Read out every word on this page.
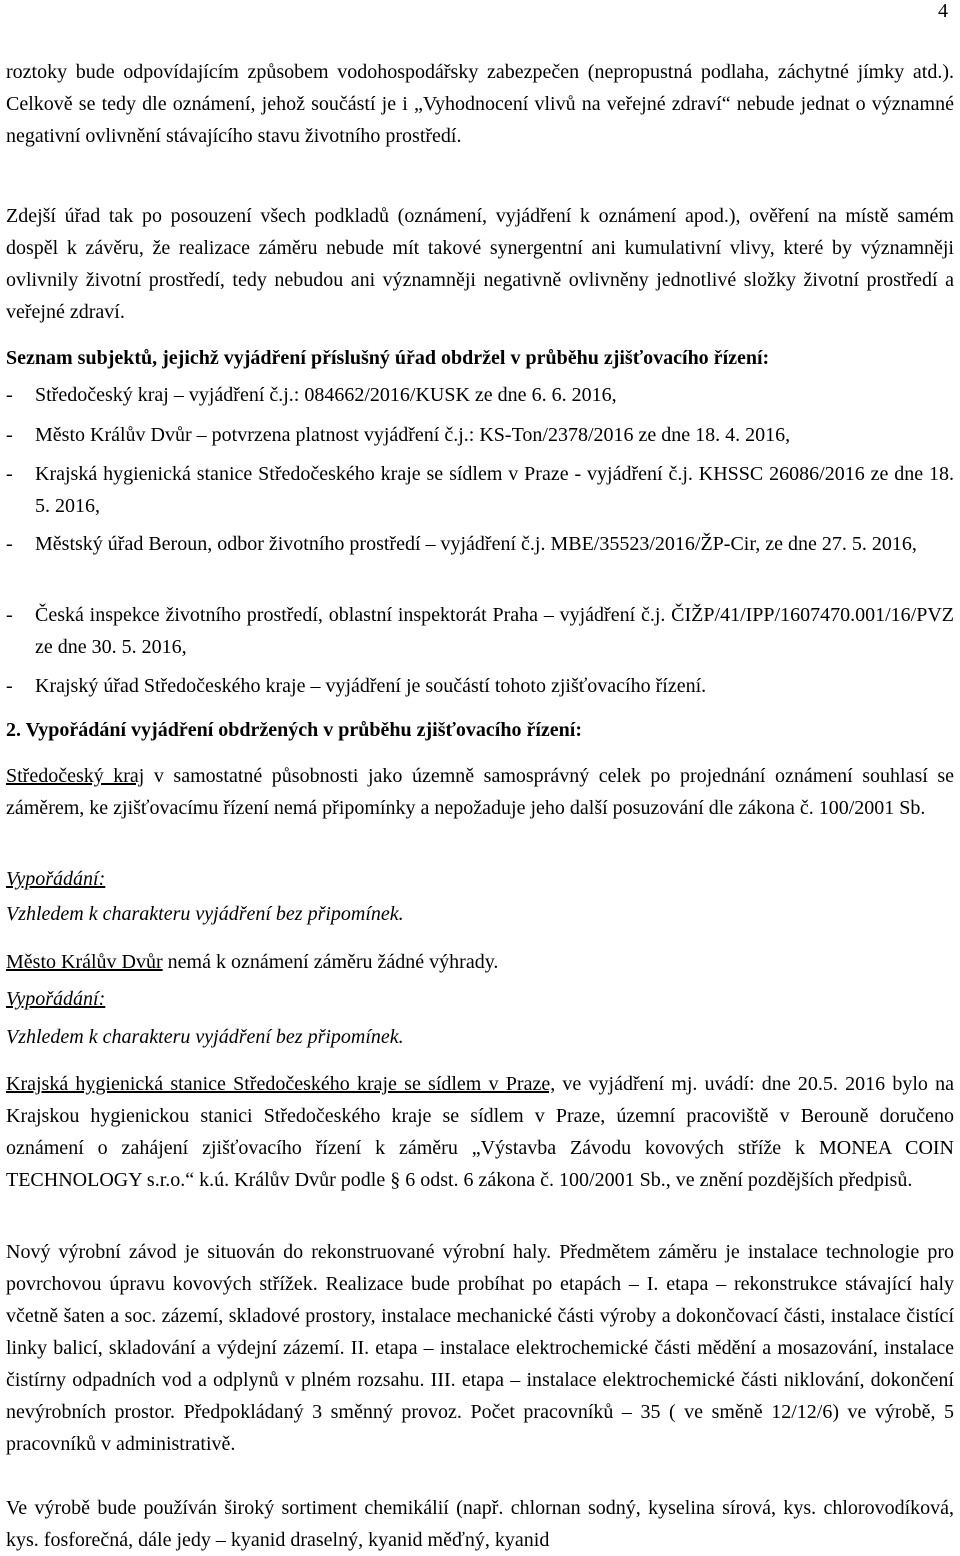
4

roztoky bude odpovídajícím způsobem vodohospodářsky zabezpečen (nepropustná podlaha, záchytné jímky atd.). Celkově se tedy dle oznámení, jehož součástí je i „Vyhodnocení vlivů na veřejné zdraví“ nebude jednat o významné negativní ovlivnění stávajícího stavu životního prostředí.

Zdejší úřad tak po posouzení všech podkladů (oznámení, vyjádření k oznámení apod.), ověření na místě samém dospěl k závěru, že realizace záměru nebude mít takové synergentní ani kumulativní vlivy, které by významněji ovlivnily životní prostředí, tedy nebudou ani významněji negativně ovlivněny jednotlivé složky životní prostředí a veřejné zdraví.

Seznam subjektů, jejichž vyjádření příslušný úřad obdržel v průběhu zjišťovacího řízení:

- Středočeský kraj – vyjádření č.j.: 084662/2016/KUSK ze dne 6. 6. 2016,
- Město Králův Dvůr – potvrzena platnost vyjádření č.j.: KS-Ton/2378/2016 ze dne 18. 4. 2016,
- Krajská hygienická stanice Středočeského kraje se sídlem v Praze - vyjádření č.j. KHSSC 26086/2016 ze dne 18. 5. 2016,
- Městský úřad Beroun, odbor životního prostředí – vyjádření č.j. MBE/35523/2016/ŽP-Cir, ze dne 27. 5. 2016,
- Česká inspekce životního prostředí, oblastní inspektorát Praha – vyjádření č.j. ČIŽP/41/IPP/1607470.001/16/PVZ ze dne 30. 5. 2016,
- Krajský úřad Středočeského kraje – vyjádření je součástí tohoto zjišťovacího řízení.

2. Vypořádání vyjádření obdržených v průběhu zjišťovacího řízení:

Středočeský kraj v samostatné působnosti jako územně samosprávný celek po projednání oznámení souhlasí se záměrem, ke zjišťovacímu řízení nemá připomínky a nepožaduje jeho další posuzování dle zákona č. 100/2001 Sb.

Vypořádání:

Vzhledem k charakteru vyjádření bez připomínek.

Město Králův Dvůr nemá k oznámení záměru žádné výhrady.

Vypořádání:

Vzhledem k charakteru vyjádření bez připomínek.

Krajská hygienická stanice Středočeského kraje se sídlem v Praze, ve vyjádření mj. uvádí: dne 20.5. 2016 bylo na Krajskou hygienickou stanici Středočeského kraje se sídlem v Praze, územní pracoviště v Berouně doručeno oznámení o zahájení zjišťovacího řízení k záměru „Výstavba Závodu kovových stříže k MONEA COIN TECHNOLOGY s.r.o.“ k.ú. Králův Dvůr podle § 6 odst. 6 zákona č. 100/2001 Sb., ve znění pozdějších předpisů.

Nový výrobní závod je situován do rekonstruované výrobní haly. Předmětem záměru je instalace technologie pro povrchovou úpravu kovových střížek. Realizace bude probíhat po etapách – I. etapa – rekonstrukce stávající haly včetně šaten a soc. zázemí, skladové prostory, instalace mechanické části výroby a dokončovací části, instalace čistící linky balicí, skladování a výdejní zázemí. II. etapa – instalace elektrochemické části mědění a mosazování, instalace čistírny odpadních vod a odplynů v plném rozsahu. III. etapa – instalace elektrochemické části niklování, dokončení nevýrobních prostor. Předpokládaný 3 směnný provoz. Počet pracovníků – 35 ( ve směně 12/12/6) ve výrobě, 5 pracovníků v administrativě.

Ve výrobě bude používán široký sortiment chemikálií (např. chlornan sodný, kyselina sírová, kys. chlorovodíková, kys. fosforečná, dále jedy – kyanid draselný, kyanid měďný, kyanid
